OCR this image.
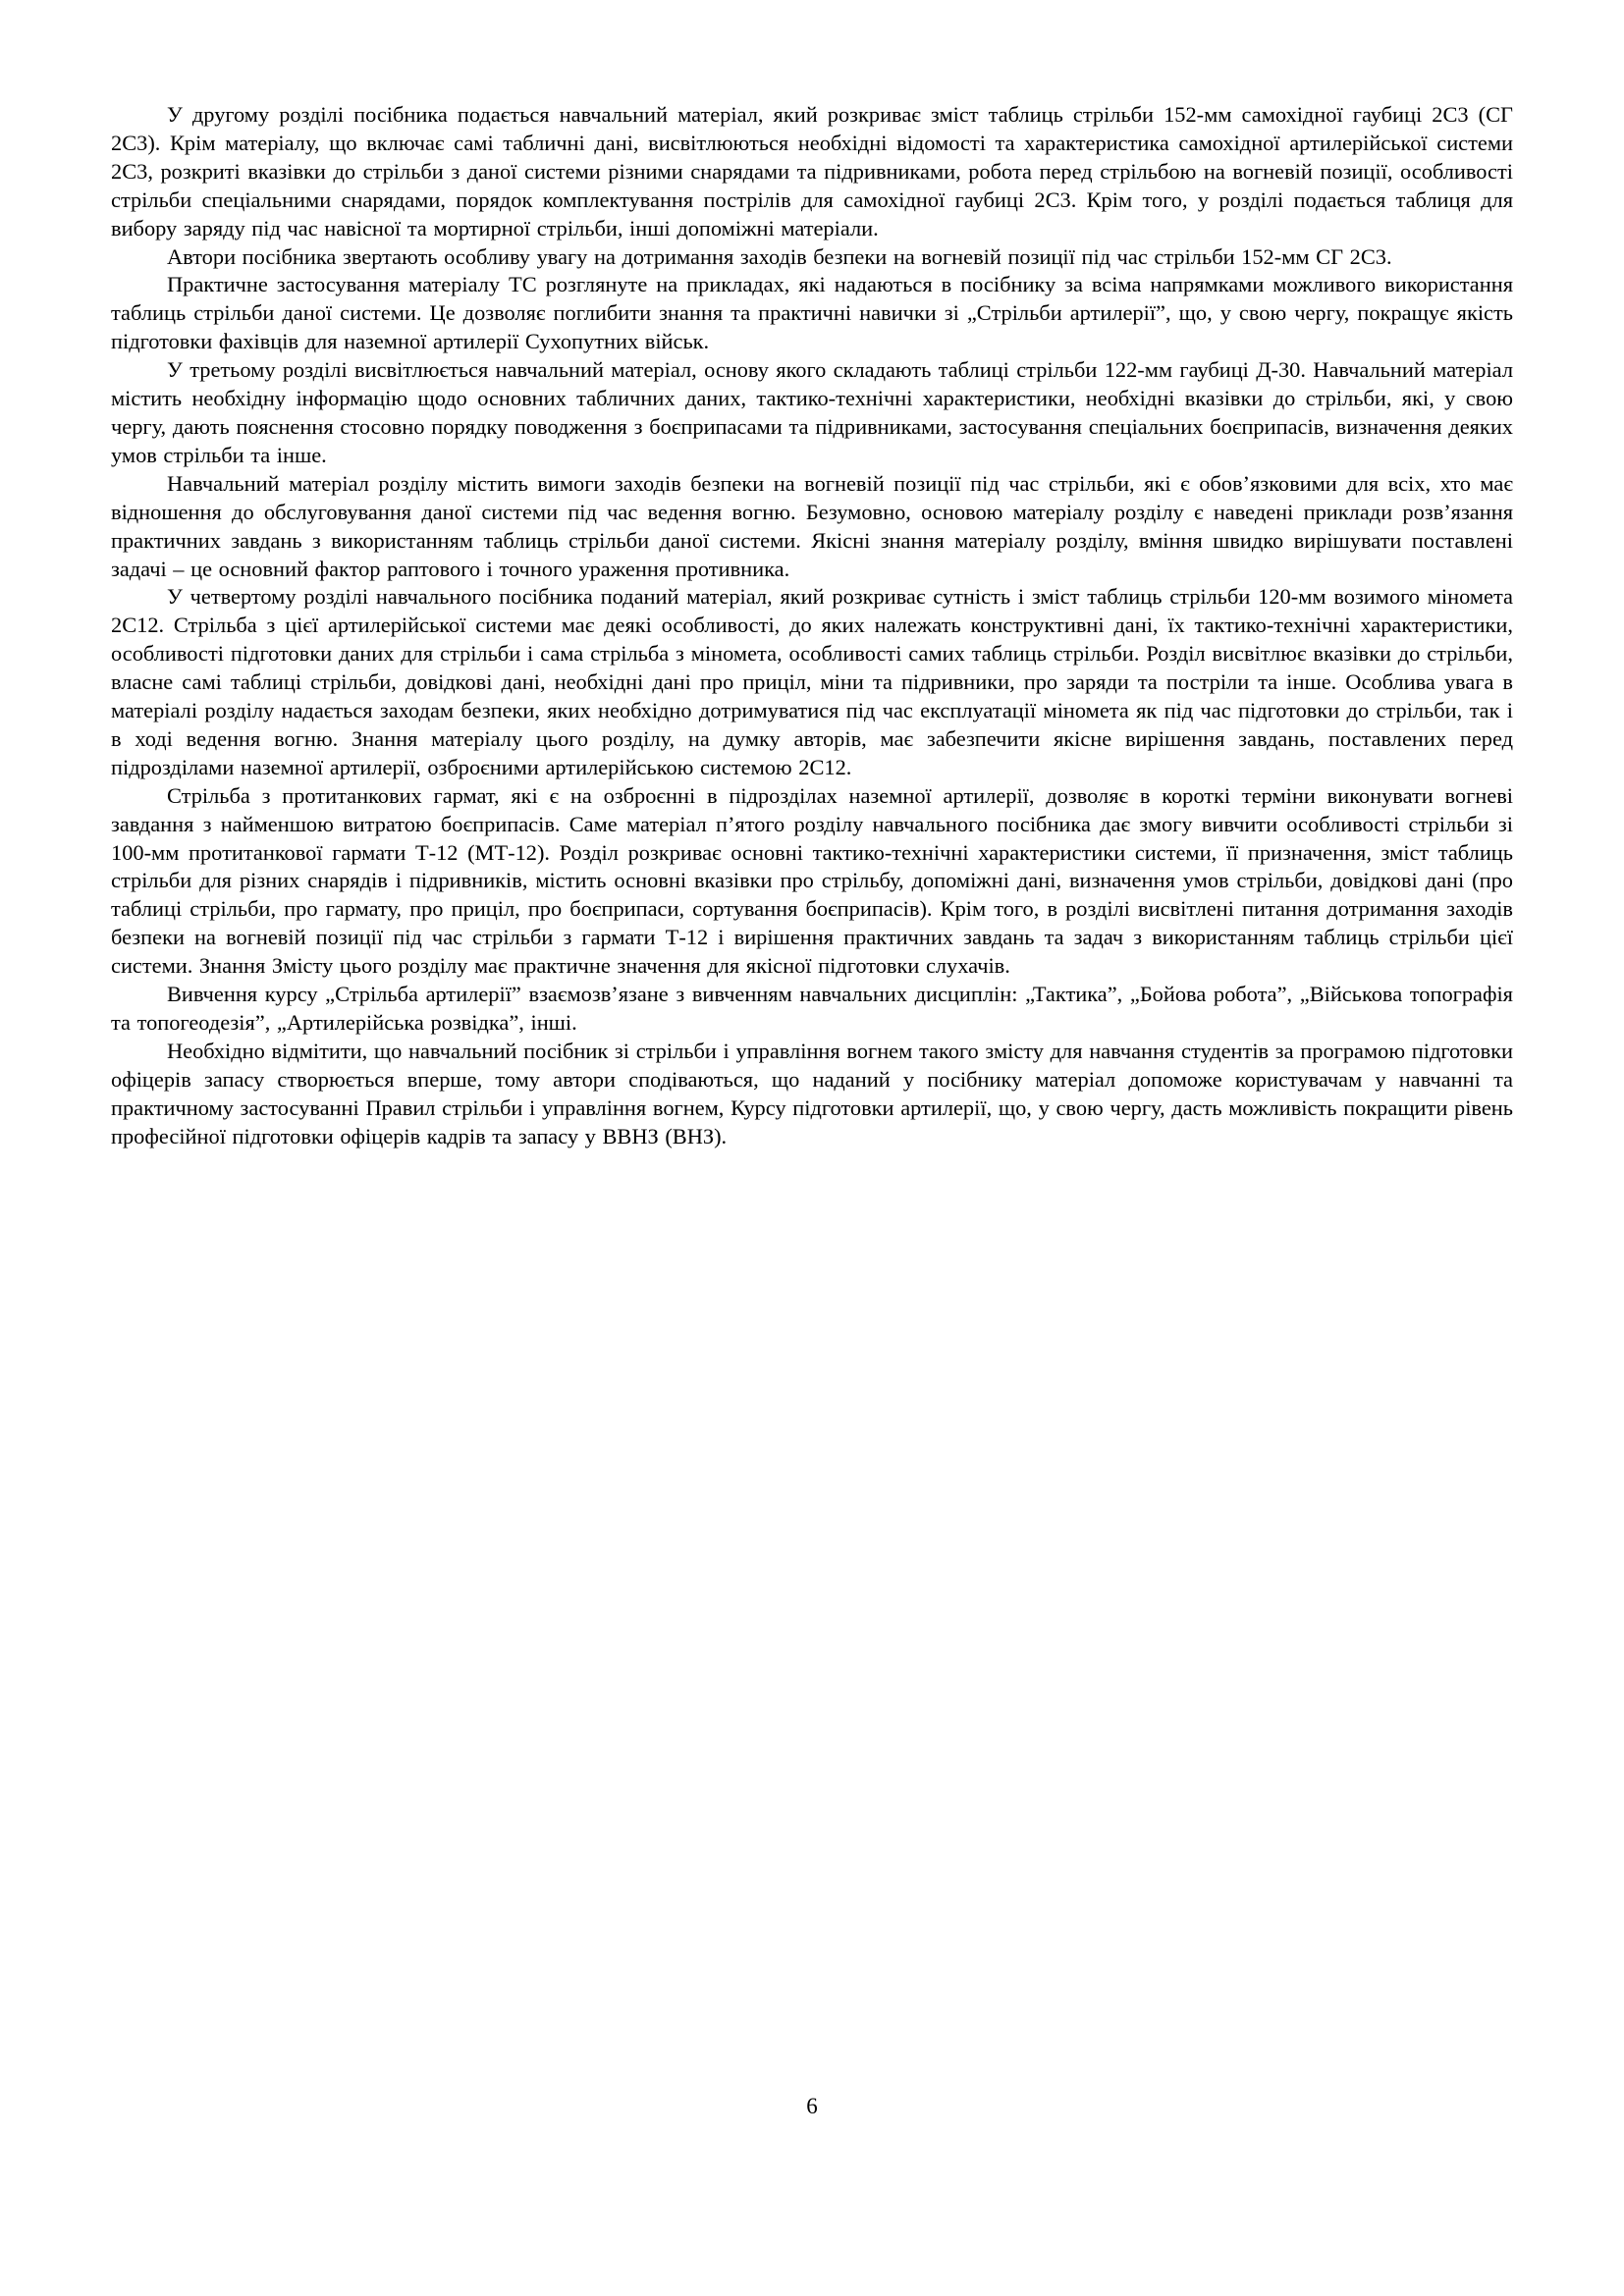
У другому розділі посібника подається навчальний матеріал, який розкриває зміст таблиць стрільби 152-мм самохідної гаубиці 2С3 (СГ 2С3). Крім матеріалу, що включає самі табличні дані, висвітлюються необхідні відомості та характеристика самохідної артилерійської системи 2С3, розкриті вказівки до стрільби з даної системи різними снарядами та підривниками, робота перед стрільбою на вогневій позиції, особливості стрільби спеціальними снарядами, порядок комплектування пострілів для самохідної гаубиці 2С3. Крім того, у розділі подається таблиця для вибору заряду під час навісної та мортирної стрільби, інші допоміжні матеріали.

Автори посібника звертають особливу увагу на дотримання заходів безпеки на вогневій позиції під час стрільби 152-мм СГ 2С3.

Практичне застосування матеріалу ТС розглянуте на прикладах, які надаються в посібнику за всіма напрямками можливого використання таблиць стрільби даної системи. Це дозволяє поглибити знання та практичні навички зі „Стрільби артилерії”, що, у свою чергу, покращує якість підготовки фахівців для наземної артилерії Сухопутних військ.

У третьому розділі висвітлюється навчальний матеріал, основу якого складають таблиці стрільби 122-мм гаубиці Д-30. Навчальний матеріал містить необхідну інформацію щодо основних табличних даних, тактико-технічні характеристики, необхідні вказівки до стрільби, які, у свою чергу, дають пояснення стосовно порядку поводження з боєприпасами та підривниками, застосування спеціальних боєприпасів, визначення деяких умов стрільби та інше.

Навчальний матеріал розділу містить вимоги заходів безпеки на вогневій позиції під час стрільби, які є обов’язковими для всіх, хто має відношення до обслуговування даної системи під час ведення вогню. Безумовно, основою матеріалу розділу є наведені приклади розв’язання практичних завдань з використанням таблиць стрільби даної системи. Якісні знання матеріалу розділу, вміння швидко вирішувати поставлені задачі – це основний фактор раптового і точного ураження противника.

У четвертому розділі навчального посібника поданий матеріал, який розкриває сутність і зміст таблиць стрільби 120-мм возимого міномета 2С12. Стрільба з цієї артилерійської системи має деякі особливості, до яких належать конструктивні дані, їх тактико-технічні характеристики, особливості підготовки даних для стрільби і сама стрільба з міномета, особливості самих таблиць стрільби. Розділ висвітлює вказівки до стрільби, власне самі таблиці стрільби, довідкові дані, необхідні дані про приціл, міни та підривники, про заряди та постріли та інше. Особлива увага в матеріалі розділу надається заходам безпеки, яких необхідно дотримуватися під час експлуатації міномета як під час підготовки до стрільби, так і в ході ведення вогню. Знання матеріалу цього розділу, на думку авторів, має забезпечити якісне вирішення завдань, поставлених перед підрозділами наземної артилерії, озброєними артилерійською системою 2С12.

Стрільба з протитанкових гармат, які є на озброєнні в підрозділах наземної артилерії, дозволяє в короткі терміни виконувати вогневі завдання з найменшою витратою боєприпасів. Саме матеріал п’ятого розділу навчального посібника дає змогу вивчити особливості стрільби зі 100-мм протитанкової гармати Т-12 (МТ-12). Розділ розкриває основні тактико-технічні характеристики системи, її призначення, зміст таблиць стрільби для різних снарядів і підривників, містить основні вказівки про стрільбу, допоміжні дані, визначення умов стрільби, довідкові дані (про таблиці стрільби, про гармату, про приціл, про боєприпаси, сортування боєприпасів). Крім того, в розділі висвітлені питання дотримання заходів безпеки на вогневій позиції під час стрільби з гармати Т-12 і вирішення практичних завдань та задач з використанням таблиць стрільби цієї системи. Знання Змісту цього розділу має практичне значення для якісної підготовки слухачів.

Вивчення курсу „Стрільба артилерії” взаємозв’язане з вивченням навчальних дисциплін: „Тактика”, „Бойова робота”, „Військова топографія та топогеодезія”, „Артилерійська розвідка”, інші.

Необхідно відмітити, що навчальний посібник зі стрільби і управління вогнем такого змісту для навчання студентів за програмою підготовки офіцерів запасу створюється вперше, тому автори сподіваються, що наданий у посібнику матеріал допоможе користувачам у навчанні та практичному застосуванні Правил стрільби і управління вогнем, Курсу підготовки артилерії, що, у свою чергу, дасть можливість покращити рівень професійної підготовки офіцерів кадрів та запасу у ВВНЗ (ВНЗ).

6
